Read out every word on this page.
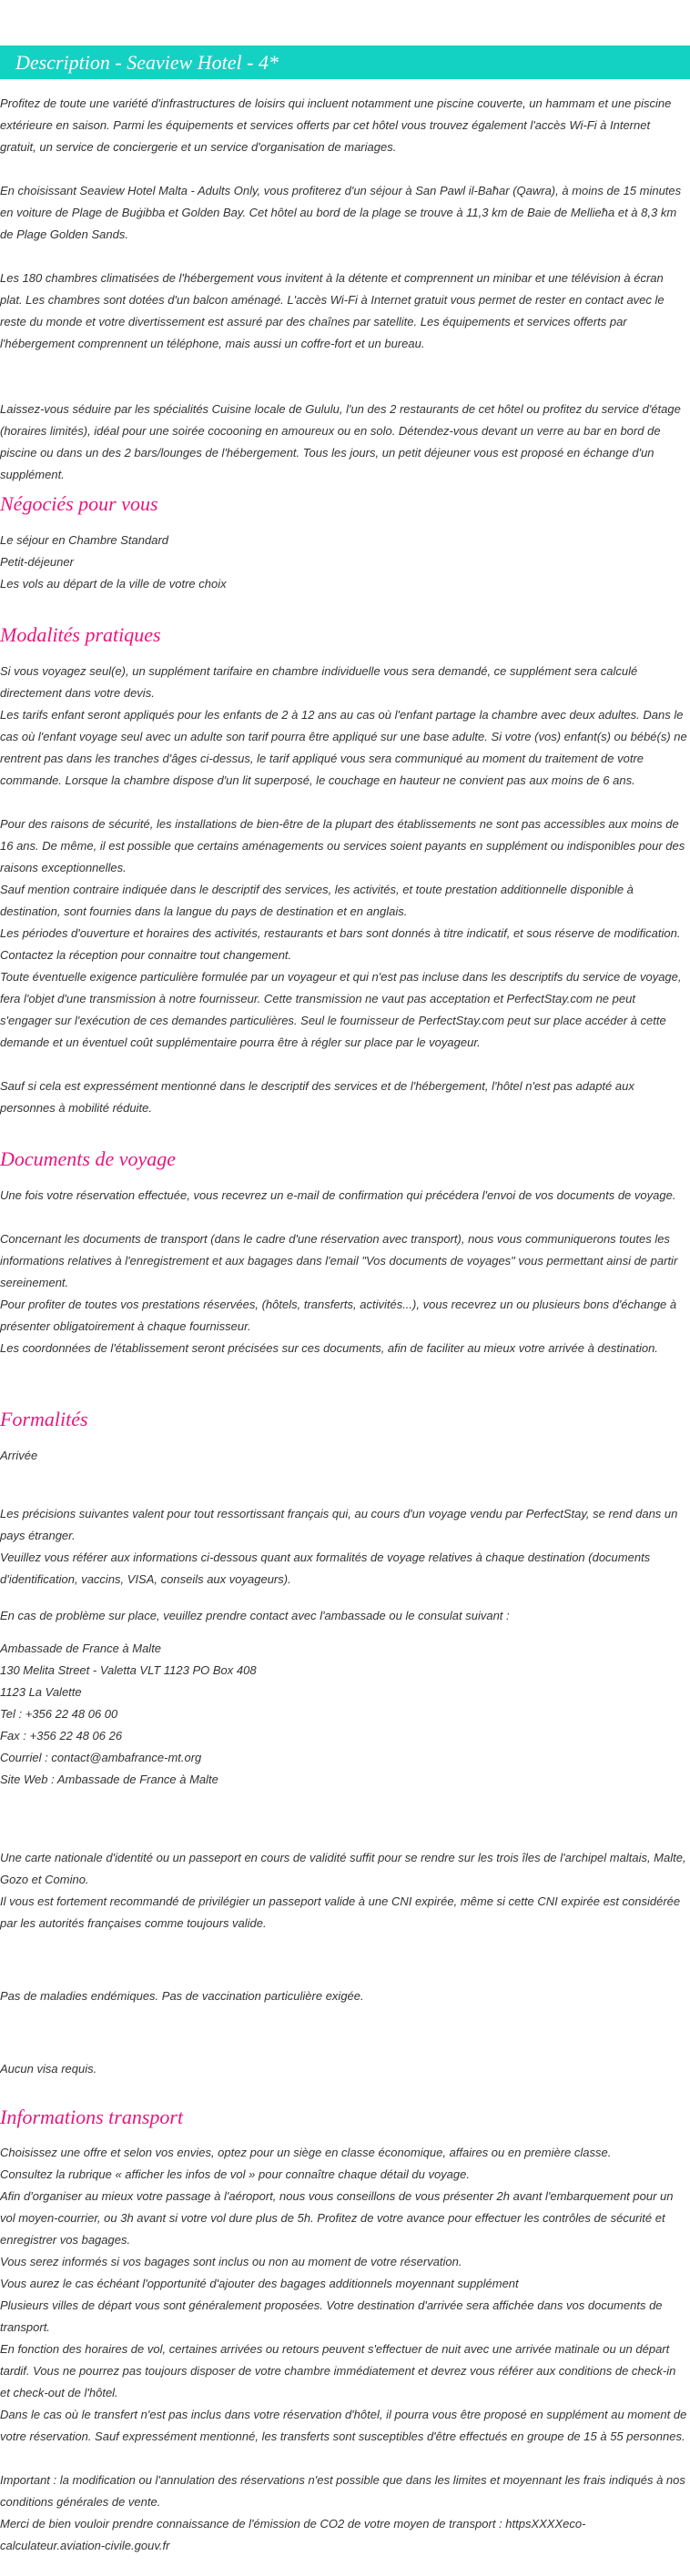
Description - Seaview Hotel - 4*

Profitez de toute une variété d'infrastructures de loisirs qui incluent notamment une piscine couverte, un hammam et une piscine extérieure en saison. Parmi les équipements et services offerts par cet hôtel vous trouvez également l'accès Wi-Fi à Internet gratuit, un service de conciergerie et un service d'organisation de mariages.

En choisissant Seaview Hotel Malta - Adults Only, vous profiterez d'un séjour à San Pawl il-Baħar (Qawra), à moins de 15 minutes en voiture de Plage de Buġibba et Golden Bay. Cet hôtel au bord de la plage se trouve à 11,3 km de Baie de Mellieħa et à 8,3 km de Plage Golden Sands.

Les 180 chambres climatisées de l'hébergement vous invitent à la détente et comprennent un minibar et une télévision à écran plat. Les chambres sont dotées d'un balcon aménagé. L'accès Wi-Fi à Internet gratuit vous permet de rester en contact avec le reste du monde et votre divertissement est assuré par des chaînes par satellite. Les équipements et services offerts par l'hébergement comprennent un téléphone, mais aussi un coffre-fort et un bureau.

Laissez-vous séduire par les spécialités Cuisine locale de Gululu, l'un des 2 restaurants de cet hôtel ou profitez du service d'étage (horaires limités), idéal pour une soirée cocooning en amoureux ou en solo. Détendez-vous devant un verre au bar en bord de piscine ou dans un des 2 bars/lounges de l'hébergement. Tous les jours, un petit déjeuner vous est proposé en échange d'un supplément.

Négociés pour vous

Le séjour en Chambre Standard

Petit-déjeuner

Les vols au départ de la ville de votre choix

Modalités pratiques

Si vous voyagez seul(e), un supplément tarifaire en chambre individuelle vous sera demandé, ce supplément sera calculé directement dans votre devis.

Les tarifs enfant seront appliqués pour les enfants de 2 à 12 ans au cas où l'enfant partage la chambre avec deux adultes. Dans le cas où l'enfant voyage seul avec un adulte son tarif pourra être appliqué sur une base adulte. Si votre (vos) enfant(s) ou bébé(s) ne rentrent pas dans les tranches d'âges ci-dessus, le tarif appliqué vous sera communiqué au moment du traitement de votre commande. Lorsque la chambre dispose d'un lit superposé, le couchage en hauteur ne convient pas aux moins de 6 ans.

Pour des raisons de sécurité, les installations de bien-être de la plupart des établissements ne sont pas accessibles aux moins de 16 ans. De même, il est possible que certains aménagements ou services soient payants en supplément ou indisponibles pour des raisons exceptionnelles.

Sauf mention contraire indiquée dans le descriptif des services, les activités, et toute prestation additionnelle disponible à destination, sont fournies dans la langue du pays de destination et en anglais.

Les périodes d'ouverture et horaires des activités, restaurants et bars sont donnés à titre indicatif, et sous réserve de modification. Contactez la réception pour connaitre tout changement.

Toute éventuelle exigence particulière formulée par un voyageur et qui n'est pas incluse dans les descriptifs du service de voyage, fera l'objet d'une transmission à notre fournisseur. Cette transmission ne vaut pas acceptation et PerfectStay.com ne peut s'engager sur l'exécution de ces demandes particulières. Seul le fournisseur de PerfectStay.com peut sur place accéder à cette demande et un éventuel coût supplémentaire pourra être à régler sur place par le voyageur.

Sauf si cela est expressément mentionné dans le descriptif des services et de l'hébergement, l'hôtel n'est pas adapté aux personnes à mobilité réduite.

Documents de voyage

Une fois votre réservation effectuée, vous recevrez un e-mail de confirmation qui précédera l'envoi de vos documents de voyage.

Concernant les documents de transport (dans le cadre d'une réservation avec transport), nous vous communiquerons toutes les informations relatives à l'enregistrement et aux bagages dans l'email "Vos documents de voyages" vous permettant ainsi de partir sereinement.

Pour profiter de toutes vos prestations réservées, (hôtels, transferts, activités...), vous recevrez un ou plusieurs bons d'échange à présenter obligatoirement à chaque fournisseur.

Les coordonnées de l'établissement seront précisées sur ces documents, afin de faciliter au mieux votre arrivée à destination.

Formalités

Arrivée

Les précisions suivantes valent pour tout ressortissant français qui, au cours d'un voyage vendu par PerfectStay, se rend dans un pays étranger.

Veuillez vous référer aux informations ci-dessous quant aux formalités de voyage relatives à chaque destination (documents d'identification, vaccins, VISA, conseils aux voyageurs).

En cas de problème sur place, veuillez prendre contact avec l'ambassade ou le consulat suivant :

Ambassade de France à Malte

130 Melita Street - Valetta VLT 1123 PO Box 408

1123 La Valette

Tel : +356 22 48 06 00

Fax : +356 22 48 06 26

Courriel : contact@ambafrance-mt.org

Site Web : Ambassade de France à Malte

Une carte nationale d'identité ou un passeport en cours de validité suffit pour se rendre sur les trois îles de l'archipel maltais, Malte, Gozo et Comino.

Il vous est fortement recommandé de privilégier un passeport valide à une CNI expirée, même si cette CNI expirée est considérée par les autorités françaises comme toujours valide.

Pas de maladies endémiques. Pas de vaccination particulière exigée.

Aucun visa requis.

Informations transport

Choisissez une offre et selon vos envies, optez pour un siège en classe économique, affaires ou en première classe.

Consultez la rubrique « afficher les infos de vol » pour connaître chaque détail du voyage.

Afin d'organiser au mieux votre passage à l'aéroport, nous vous conseillons de vous présenter 2h avant l'embarquement pour un vol moyen-courrier, ou 3h avant si votre vol dure plus de 5h. Profitez de votre avance pour effectuer les contrôles de sécurité et enregistrer vos bagages.

Vous serez informés si vos bagages sont inclus ou non au moment de votre réservation.

Vous aurez le cas échéant l'opportunité d'ajouter des bagages additionnels moyennant supplément

Plusieurs villes de départ vous sont généralement proposées. Votre destination d'arrivée sera affichée dans vos documents de transport.

En fonction des horaires de vol, certaines arrivées ou retours peuvent s'effectuer de nuit avec une arrivée matinale ou un départ tardif. Vous ne pourrez pas toujours disposer de votre chambre immédiatement et devrez vous référer aux conditions de check-in et check-out de l'hôtel.

Dans le cas où le transfert n'est pas inclus dans votre réservation d'hôtel, il pourra vous être proposé en supplément au moment de votre réservation. Sauf expressément mentionné, les transferts sont susceptibles d'être effectués en groupe de 15 à 55 personnes.

Important : la modification ou l'annulation des réservations n'est possible que dans les limites et moyennant les frais indiqués à nos conditions générales de vente.

Merci de bien vouloir prendre connaissance de l'émission de CO2 de votre moyen de transport : httpsXXXXeco-calculateur.aviation-civile.gouv.fr
